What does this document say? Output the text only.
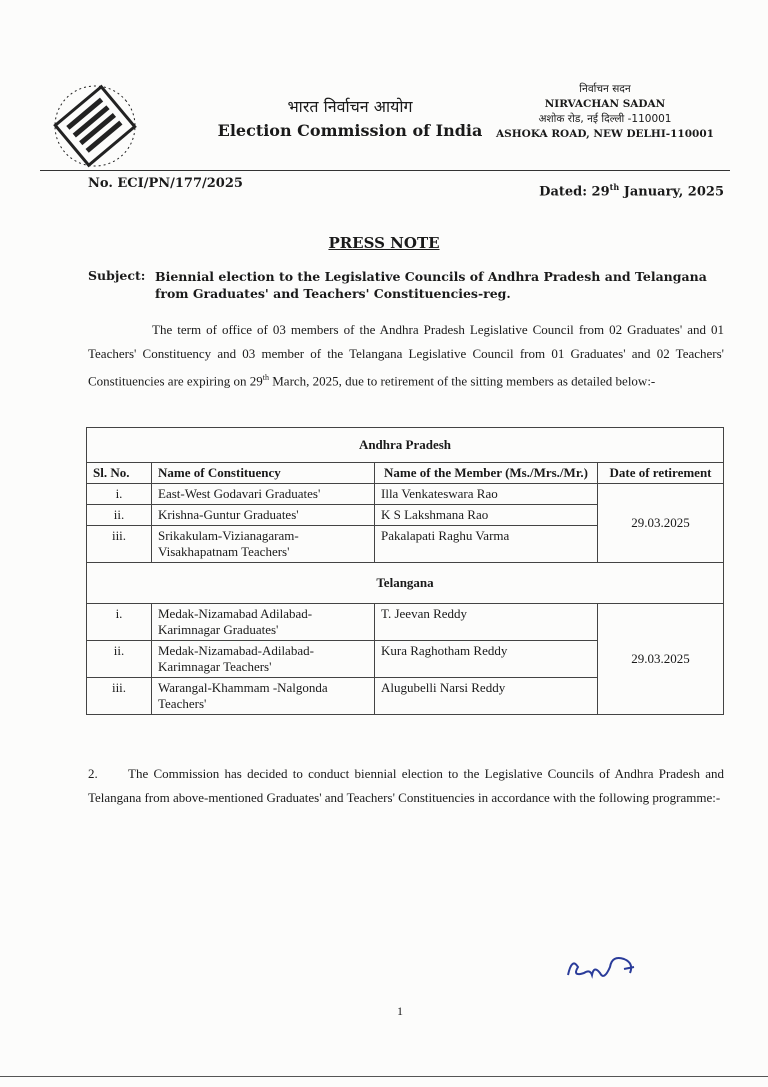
भारत निर्वाचन आयोग
Election Commission of India
निर्वाचन सदन
NIRVACHAN SADAN
अशोक रोड, नई दिल्ली -110001
ASHOKA ROAD, NEW DELHI-110001
No. ECI/PN/177/2025
Dated: 29th January, 2025
PRESS NOTE
Subject: Biennial election to the Legislative Councils of Andhra Pradesh and Telangana from Graduates' and Teachers' Constituencies-reg.
The term of office of 03 members of the Andhra Pradesh Legislative Council from 02 Graduates' and 01 Teachers' Constituency and 03 member of the Telangana Legislative Council from 01 Graduates' and 02 Teachers' Constituencies are expiring on 29th March, 2025, due to retirement of the sitting members as detailed below:-
Andhra Pradesh			
Sl. No.	Name of Constituency	Name of the Member (Ms./Mrs./Mr.)	Date of retirement
i.	East-West Godavari Graduates'	Illa Venkateswara Rao	29.03.2025
ii.	Krishna-Guntur Graduates'	K S Lakshmana Rao	
iii.	Srikakulam-Vizianagaram-Visakhapatnam Teachers'	Pakalapati Raghu Varma	
Telangana			
i.	Medak-Nizamabad Adilabad-Karimnagar Graduates'	T. Jeevan Reddy	29.03.2025
ii.	Medak-Nizamabad-Adilabad-Karimnagar Teachers'	Kura Raghotham Reddy	
iii.	Warangal-Khammam -Nalgonda Teachers'	Alugubelli Narsi Reddy	
2. The Commission has decided to conduct biennial election to the Legislative Councils of Andhra Pradesh and Telangana from above-mentioned Graduates' and Teachers' Constituencies in accordance with the following programme:-
1
